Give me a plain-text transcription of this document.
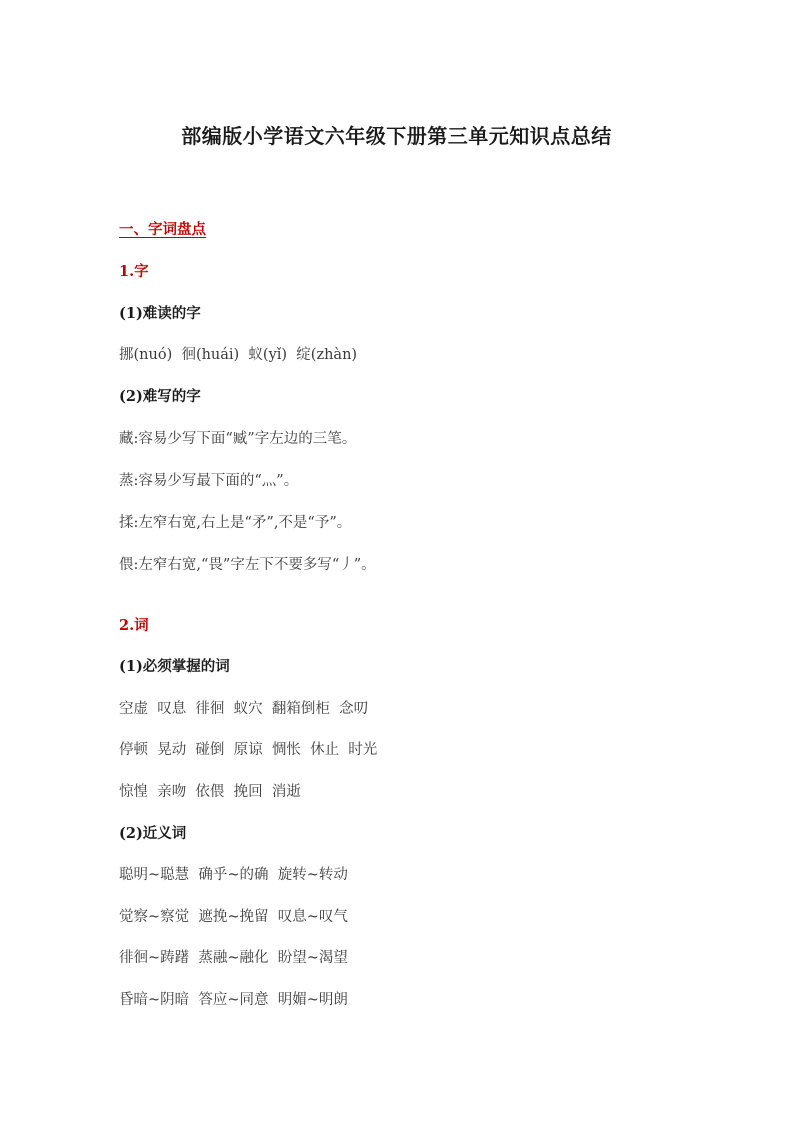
部编版小学语文六年级下册第三单元知识点总结
一、字词盘点
1.字
(1)难读的字
挪(nuó)  徊(huái)  蚁(yǐ)  绽(zhàn)
(2)难写的字
藏:容易少写下面“臧”字左边的三笔。
蒸:容易少写最下面的“灬”。
揉:左窄右宽,右上是“矛”,不是“予”。
偎:左窄右宽,“畏”字左下不要多写“丿”。
2.词
(1)必须掌握的词
空虚  叹息  徘徊  蚁穴  翻箱倒柜  念叨
停顿  晃动  碰倒  原谅  惆怅  休止  时光
惊惶  亲吻  依偎  挽回  消逝
(2)近义词
聪明~聪慧  确乎~的确  旋转~转动
觉察~察觉  遮挽~挽留  叹息~叹气
徘徊~踌躇  蒸融~融化  盼望~渴望
昏暗~阴暗  答应~同意  明媚~明朗
